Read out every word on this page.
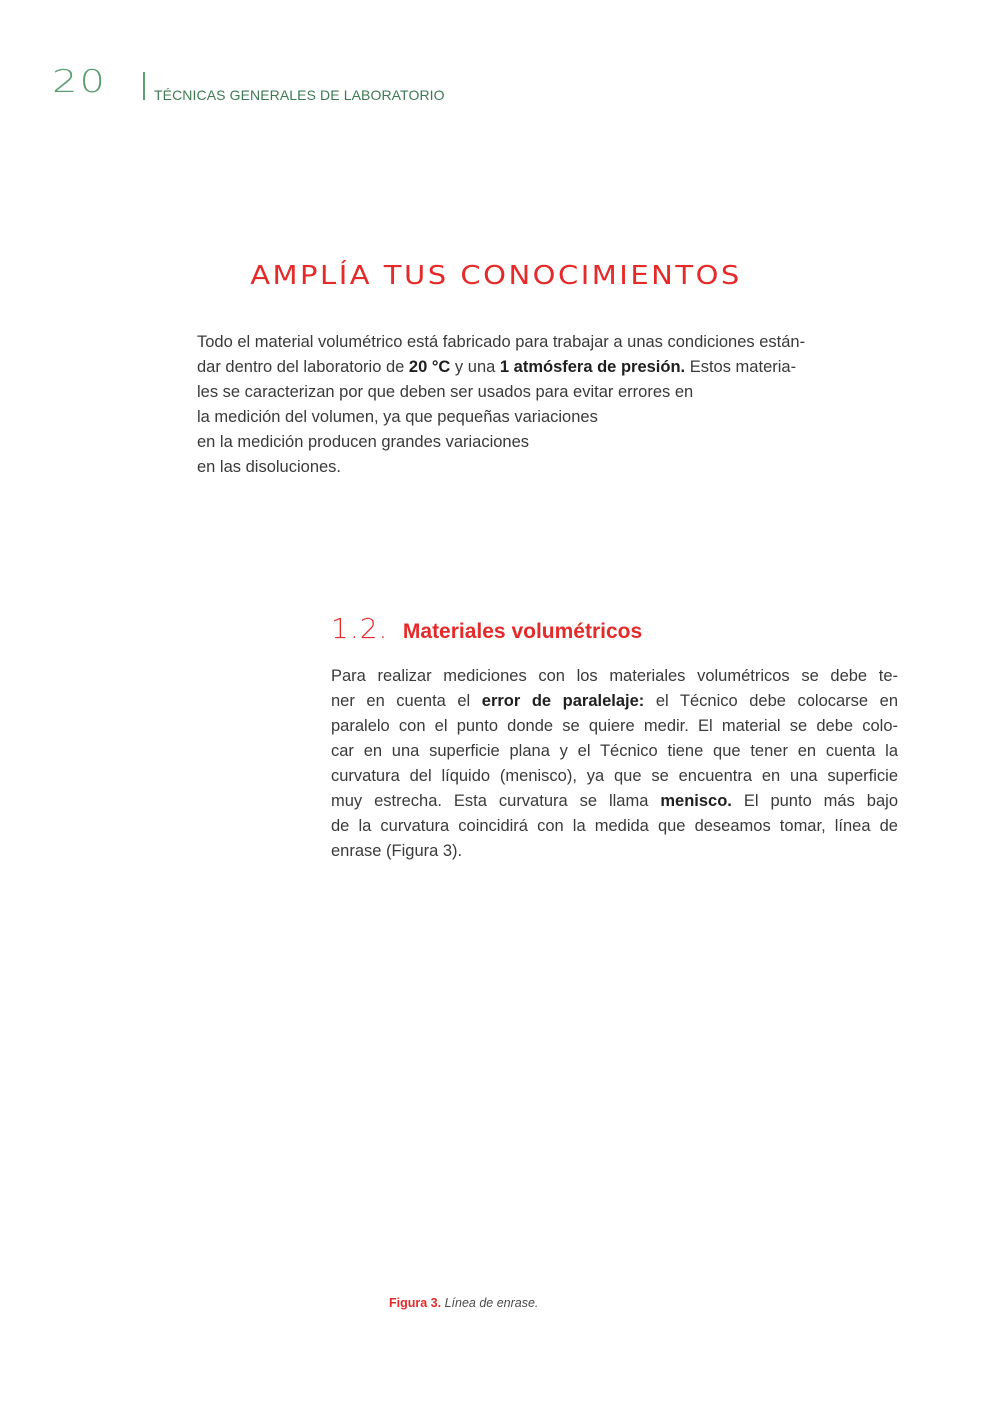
20	TÉCNICAS GENERALES DE LABORATORIO
AMPLÍA TUS CONOCIMIENTOS

Todo el material volumétrico está fabricado para trabajar a unas condiciones están-

dar dentro del laboratorio de 20 °C y una 1 atmósfera de presión. Estos materia-

les se caracterizan por que deben ser usados para evitar errores en

la medición del volumen, ya que pequeñas variaciones

en la medición producen grandes variaciones

en las disoluciones.

1.2. Materiales volumétricos

Para realizar mediciones con los materiales volumétricos se debe te-

ner en cuenta el error de paralelaje: el Técnico debe colocarse en

paralelo con el punto donde se quiere medir. El material se debe colo-

car en una superficie plana y el Técnico tiene que tener en cuenta la

curvatura del líquido (menisco), ya que se encuentra en una superficie

muy estrecha. Esta curvatura se llama menisco. El punto más bajo

de la curvatura coincidirá con la medida que deseamos tomar, línea de

enrase (Figura 3).

Figura 3. Línea de enrase.
